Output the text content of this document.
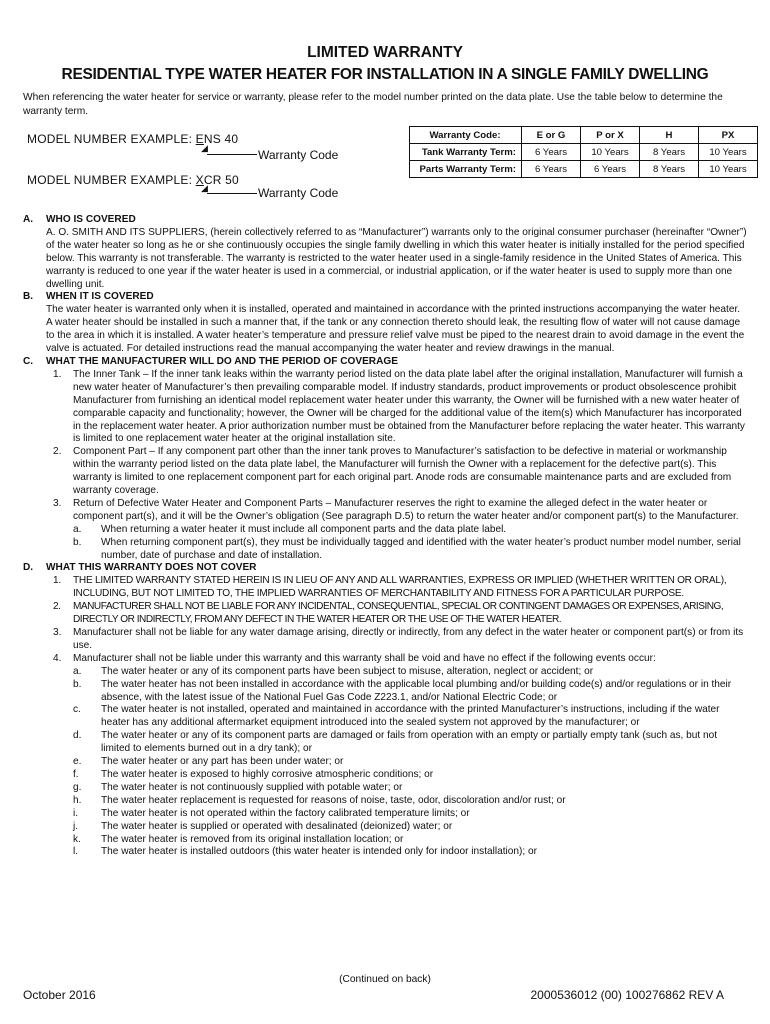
LIMITED WARRANTY
RESIDENTIAL TYPE WATER HEATER FOR INSTALLATION IN A SINGLE FAMILY DWELLING
When referencing the water heater for service or warranty, please refer to the model number printed on the data plate. Use the table below to determine the warranty term.
MODEL NUMBER EXAMPLE: ENS 40
◢	Warranty Code
MODEL NUMBER EXAMPLE: XCR 50
◢	Warranty Code
Warranty Code:	E or G	P or X	H	PX
Tank Warranty Term:	6 Years	10 Years	8 Years	10 Years
Parts Warranty Term:	6 Years	6 Years	8 Years	10 Years
A.	WHO IS COVERED
A. O. SMITH AND ITS SUPPLIERS, (herein collectively referred to as “Manufacturer”) warrants only to the original consumer purchaser (hereinafter “Owner”) of the water heater so long as he or she continuously occupies the single family dwelling in which this water heater is initially installed for the period specified below. This warranty is not transferable. The warranty is restricted to the water heater used in a single-family residence in the United States of America. This warranty is reduced to one year if the water heater is used in a commercial, or industrial application, or if the water heater is used to supply more than one dwelling unit.
B.	WHEN IT IS COVERED
The water heater is warranted only when it is installed, operated and maintained in accordance with the printed instructions accompanying the water heater. A water heater should be installed in such a manner that, if the tank or any connection thereto should leak, the resulting flow of water will not cause damage to the area in which it is installed. A water heater’s temperature and pressure relief valve must be piped to the nearest drain to avoid damage in the event the valve is actuated. For detailed instructions read the manual accompanying the water heater and review drawings in the manual.
C.	WHAT THE MANUFACTURER WILL DO AND THE PERIOD OF COVERAGE
1.	The Inner Tank – If the inner tank leaks within the warranty period listed on the data plate label after the original installation, Manufacturer will furnish a new water heater of Manufacturer’s then prevailing comparable model. If industry standards, product improvements or product obsolescence prohibit Manufacturer from furnishing an identical model replacement water heater under this warranty, the Owner will be furnished with a new water heater of comparable capacity and functionality; however, the Owner will be charged for the additional value of the item(s) which Manufacturer has incorporated in the replacement water heater. A prior authorization number must be obtained from the Manufacturer before replacing the water heater. This warranty is limited to one replacement water heater at the original installation site.
2.	Component Part – If any component part other than the inner tank proves to Manufacturer’s satisfaction to be defective in material or workmanship within the warranty period listed on the data plate label, the Manufacturer will furnish the Owner with a replacement for the defective part(s). This warranty is limited to one replacement component part for each original part. Anode rods are consumable maintenance parts and are excluded from warranty coverage.
3.	Return of Defective Water Heater and Component Parts – Manufacturer reserves the right to examine the alleged defect in the water heater or component part(s), and it will be the Owner’s obligation (See paragraph D.5) to return the water heater and/or component part(s) to the Manufacturer.
a.	When returning a water heater it must include all component parts and the data plate label.
b.	When returning component part(s), they must be individually tagged and identified with the water heater’s product number model number, serial number, date of purchase and date of installation.
D.	WHAT THIS WARRANTY DOES NOT COVER
1.	THE LIMITED WARRANTY STATED HEREIN IS IN LIEU OF ANY AND ALL WARRANTIES, EXPRESS OR IMPLIED (WHETHER WRITTEN OR ORAL), INCLUDING, BUT NOT LIMITED TO, THE IMPLIED WARRANTIES OF MERCHANTABILITY AND FITNESS FOR A PARTICULAR PURPOSE.
2.	MANUFACTURER SHALL NOT BE LIABLE FOR ANY INCIDENTAL, CONSEQUENTIAL, SPECIAL OR CONTINGENT DAMAGES OR EXPENSES, ARISING, DIRECTLY OR INDIRECTLY, FROM ANY DEFECT IN THE WATER HEATER OR THE USE OF THE WATER HEATER.
3.	Manufacturer shall not be liable for any water damage arising, directly or indirectly, from any defect in the water heater or component part(s) or from its use.
4.	Manufacturer shall not be liable under this warranty and this warranty shall be void and have no effect if the following events occur:
a.	The water heater or any of its component parts have been subject to misuse, alteration, neglect or accident; or
b.	The water heater has not been installed in accordance with the applicable local plumbing and/or building code(s) and/or regulations or in their absence, with the latest issue of the National Fuel Gas Code Z223.1, and/or National Electric Code; or
c.	The water heater is not installed, operated and maintained in accordance with the printed Manufacturer’s instructions, including if the water heater has any additional aftermarket equipment introduced into the sealed system not approved by the manufacturer; or
d.	The water heater or any of its component parts are damaged or fails from operation with an empty or partially empty tank (such as, but not limited to elements burned out in a dry tank); or
e.	The water heater or any part has been under water; or
f.	The water heater is exposed to highly corrosive atmospheric conditions; or
g.	The water heater is not continuously supplied with potable water; or
h.	The water heater replacement is requested for reasons of noise, taste, odor, discoloration and/or rust; or
i.	The water heater is not operated within the factory calibrated temperature limits; or
j.	The water heater is supplied or operated with desalinated (deionized) water; or
k.	The water heater is removed from its original installation location; or
l.	The water heater is installed outdoors (this water heater is intended only for indoor installation); or
(Continued on back)
October 2016	2000536012 (00) 100276862 REV A
